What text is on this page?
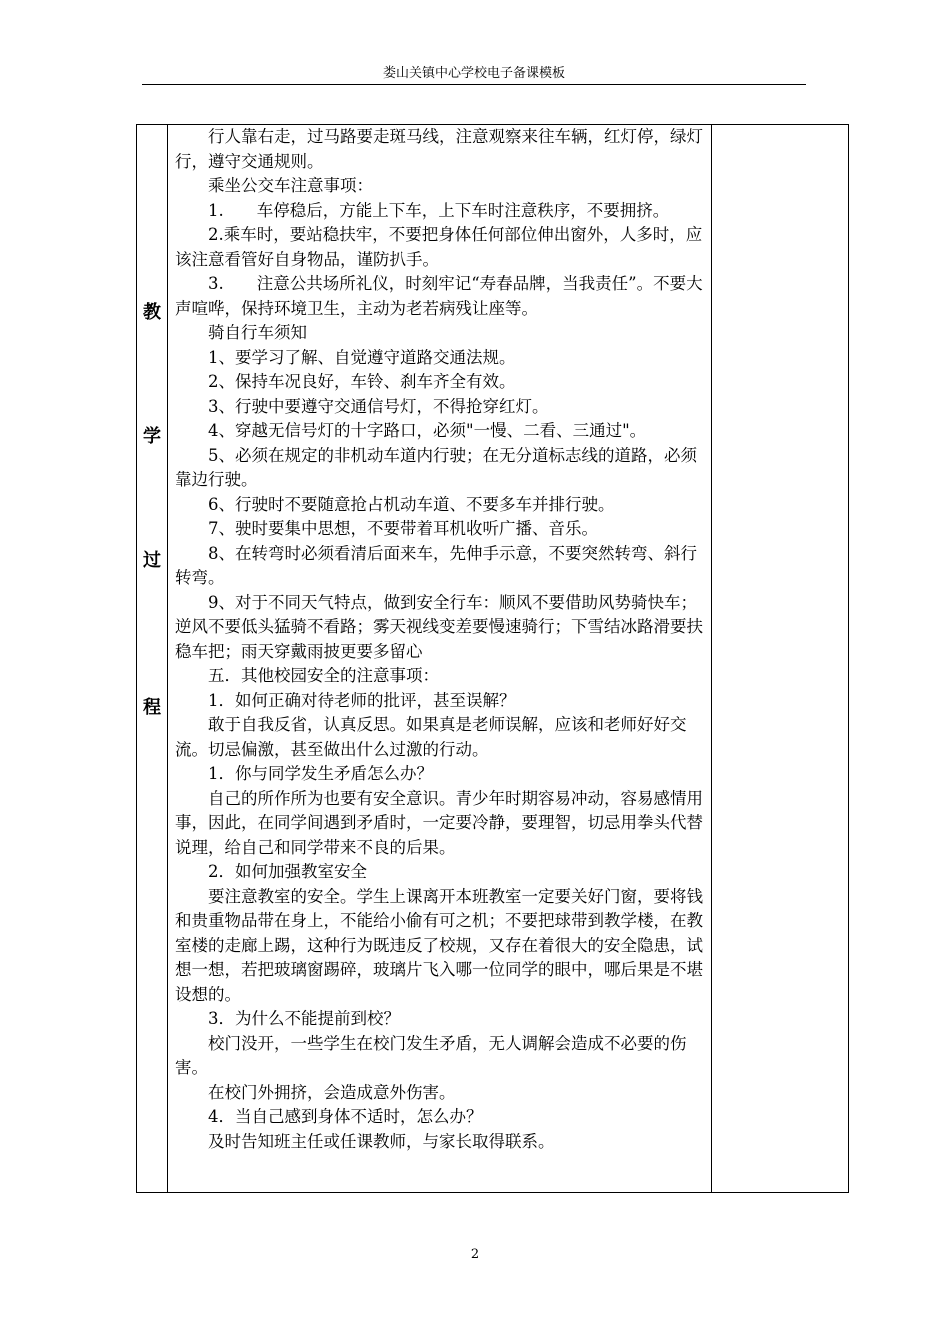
娄山关镇中心学校电子备课模板
教
学
过
程

行人靠右走，过马路要走斑马线，注意观察来往车辆，红灯停，绿灯行，遵守交通规则。

乘坐公交车注意事项：

1.　　车停稳后，方能上下车，上下车时注意秩序，不要拥挤。

2.乘车时，要站稳扶牢，不要把身体任何部位伸出窗外，人多时，应该注意看管好自身物品，谨防扒手。

3.　　注意公共场所礼仪，时刻牢记“寿春品牌，当我责任”。不要大声喧哗，保持环境卫生，主动为老若病残让座等。

骑自行车须知

1、要学习了解、自觉遵守道路交通法规。

2、保持车况良好，车铃、刹车齐全有效。

3、行驶中要遵守交通信号灯，不得抢穿红灯。

4、穿越无信号灯的十字路口，必须"一慢、二看、三通过"。

5、必须在规定的非机动车道内行驶；在无分道标志线的道路，必须靠边行驶。

6、行驶时不要随意抢占机动车道、不要多车并排行驶。

7、驶时要集中思想，不要带着耳机收听广播、音乐。

8、在转弯时必须看清后面来车，先伸手示意，不要突然转弯、斜行转弯。

9、对于不同天气特点，做到安全行车：顺风不要借助风势骑快车；逆风不要低头猛骑不看路；雾天视线变差要慢速骑行；下雪结冰路滑要扶稳车把；雨天穿戴雨披更要多留心

五．其他校园安全的注意事项：

1．如何正确对待老师的批评，甚至误解？

敢于自我反省，认真反思。如果真是老师误解，应该和老师好好交流。切忌偏激，甚至做出什么过激的行动。

1．你与同学发生矛盾怎么办？

自己的所作所为也要有安全意识。青少年时期容易冲动，容易感情用事，因此，在同学间遇到矛盾时，一定要冷静，要理智，切忌用拳头代替说理，给自己和同学带来不良的后果。

2．如何加强教室安全

要注意教室的安全。学生上课离开本班教室一定要关好门窗，要将钱和贵重物品带在身上，不能给小偷有可之机；不要把球带到教学楼，在教室楼的走廊上踢，这种行为既违反了校规，又存在着很大的安全隐患，试想一想，若把玻璃窗踢碎，玻璃片飞入哪一位同学的眼中，哪后果是不堪设想的。

3．为什么不能提前到校？

校门没开，一些学生在校门发生矛盾，无人调解会造成不必要的伤害。

在校门外拥挤，会造成意外伤害。

4．当自己感到身体不适时，怎么办？

及时告知班主任或任课教师，与家长取得联系。

2
